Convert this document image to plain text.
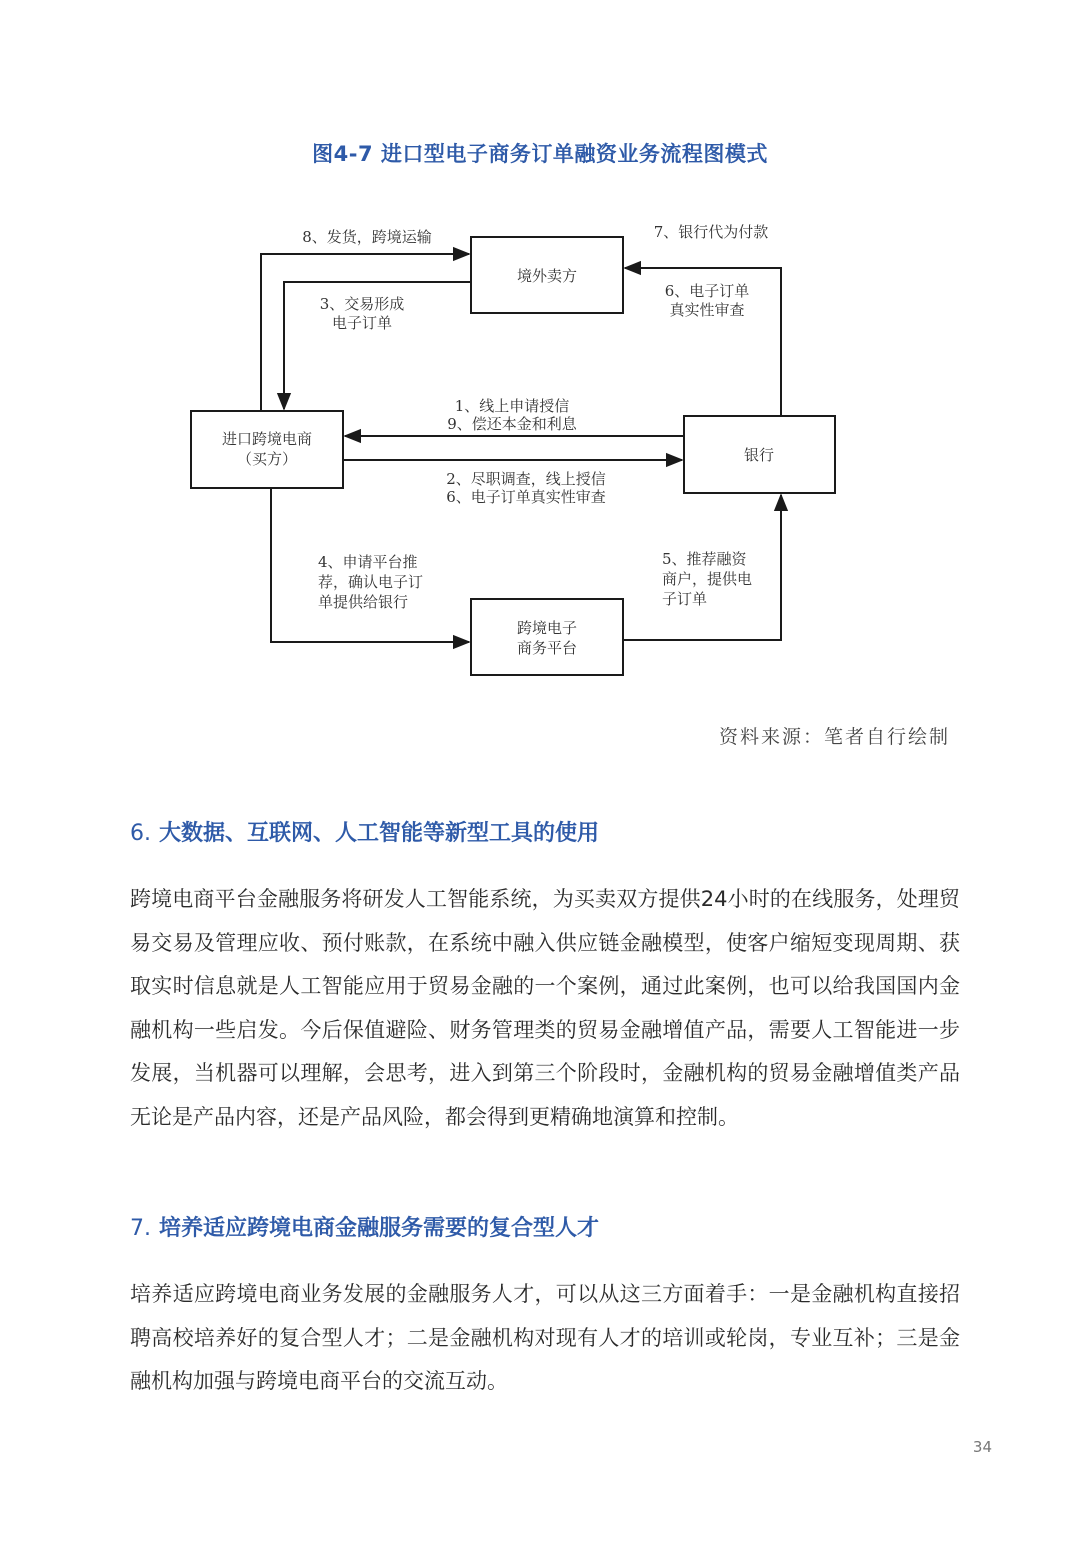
图4-7 进口型电子商务订单融资业务流程图模式
境外卖方
进口跨境电商
（买方）	银行
跨境电子
商务平台
8、发货，跨境运输	7、银行代为付款
3、交易形成
电子订单
6、电子订单
真实性审查
1、线上申请授信
9、偿还本金和利息
2、尽职调查，线上授信
6、电子订单真实性审查
4、申请平台推
荐，确认电子订
单提供给银行
5、推荐融资
商户，提供电
子订单
资料来源：笔者自行绘制
6. 大数据、互联网、人工智能等新型工具的使用
跨境电商平台金融服务将研发人工智能系统，为买卖双方提供24小时的在线服务，处理贸易交易及管理应收、预付账款，在系统中融入供应链金融模型，使客户缩短变现周期、获取实时信息就是人工智能应用于贸易金融的一个案例，通过此案例，也可以给我国国内金融机构一些启发。今后保值避险、财务管理类的贸易金融增值产品，需要人工智能进一步发展，当机器可以理解，会思考，进入到第三个阶段时，金融机构的贸易金融增值类产品无论是产品内容，还是产品风险，都会得到更精确地演算和控制。
7. 培养适应跨境电商金融服务需要的复合型人才
培养适应跨境电商业务发展的金融服务人才，可以从这三方面着手：一是金融机构直接招聘高校培养好的复合型人才；二是金融机构对现有人才的培训或轮岗，专业互补；三是金融机构加强与跨境电商平台的交流互动。
34
